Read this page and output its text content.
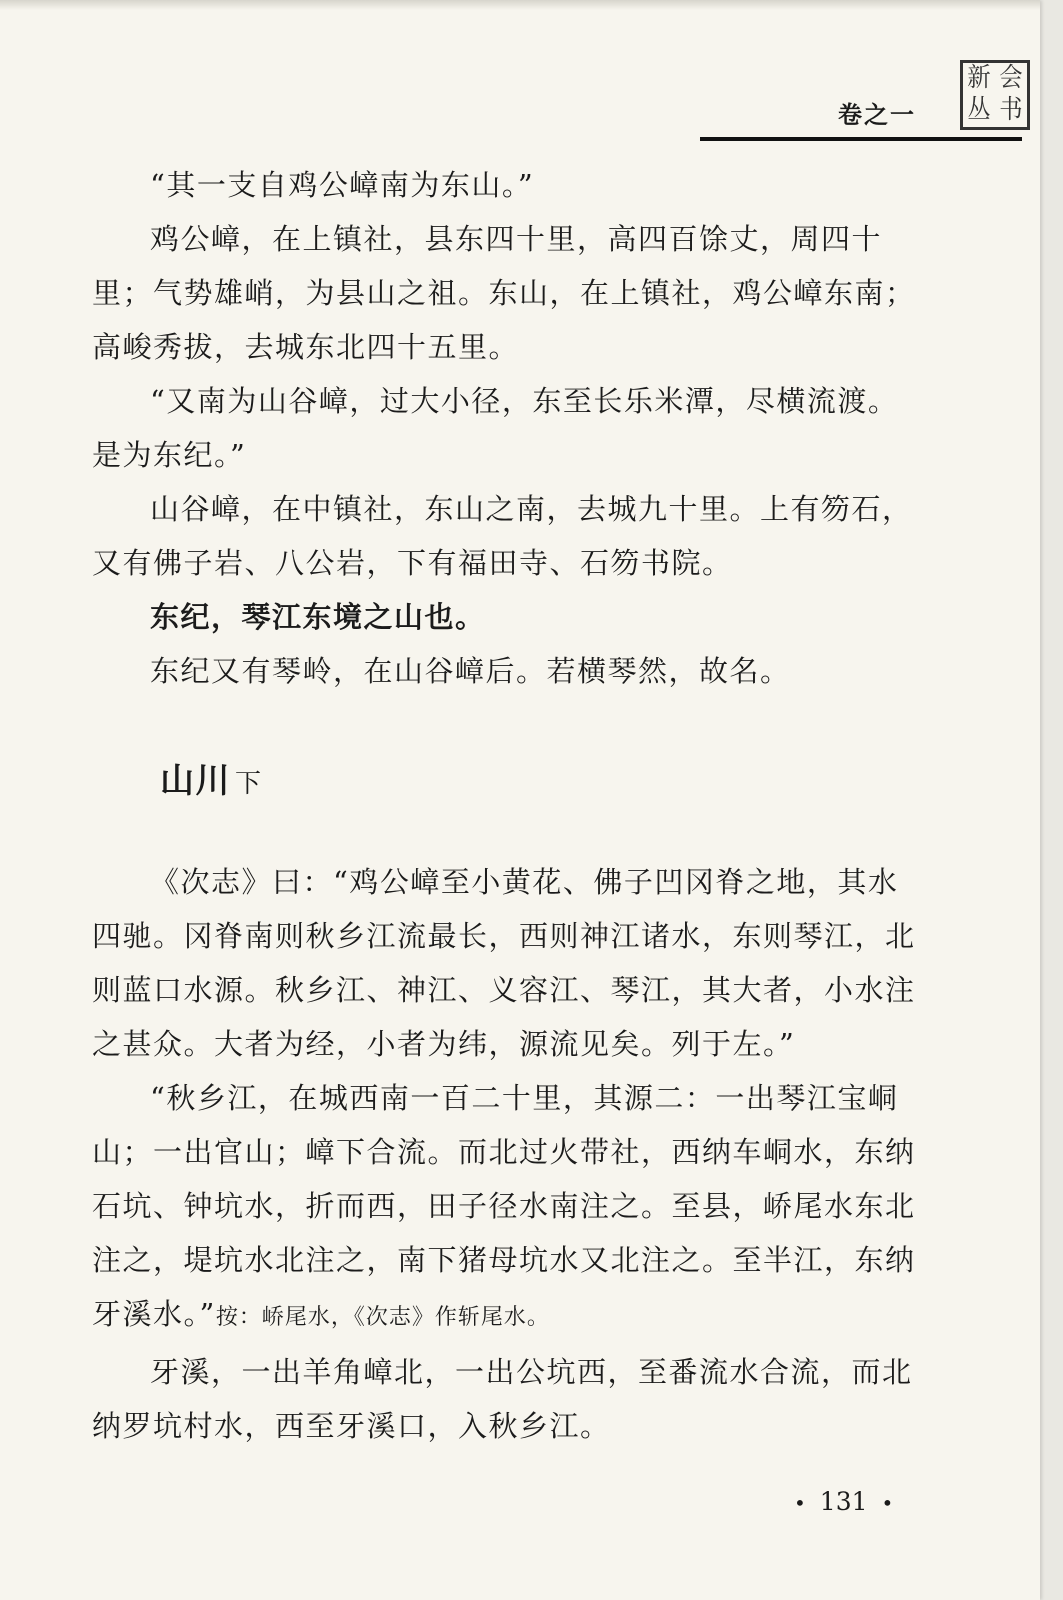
卷之一
新 会
丛 书

“其一支自鸡公嶂南为东山。”

鸡公嶂，在上镇社，县东四十里，高四百馀丈，周四十里；气势雄峭，为县山之祖。东山，在上镇社，鸡公嶂东南；高峻秀拔，去城东北四十五里。

“又南为山谷嶂，过大小径，东至长乐米潭，尽横流渡。是为东纪。”

山谷嶂，在中镇社，东山之南，去城九十里。上有笏石，又有佛子岩、八公岩，下有福田寺、石笏书院。

东纪，琴江东境之山也。

东纪又有琴岭，在山谷嶂后。若横琴然，故名。

山川 下

《次志》曰：“鸡公嶂至小黄花、佛子凹冈脊之地，其水四驰。冈脊南则秋乡江流最长，西则神江诸水，东则琴江，北则蓝口水源。秋乡江、神江、义容江、琴江，其大者，小水注之甚众。大者为经，小者为纬，源流见矣。列于左。”

“秋乡江，在城西南一百二十里，其源二：一出琴江宝峒山；一出官山；嶂下合流。而北过火带社，西纳车峒水，东纳石坑、钟坑水，折而西，田子径水南注之。至县，峤尾水东北注之，堤坑水北注之，南下猪母坑水又北注之。至半江，东纳牙溪水。”按：峤尾水，《次志》作斩尾水。

牙溪，一出羊角嶂北，一出公坑西，至番流水合流，而北纳罗坑村水，西至牙溪口，入秋乡江。

• 131 •
